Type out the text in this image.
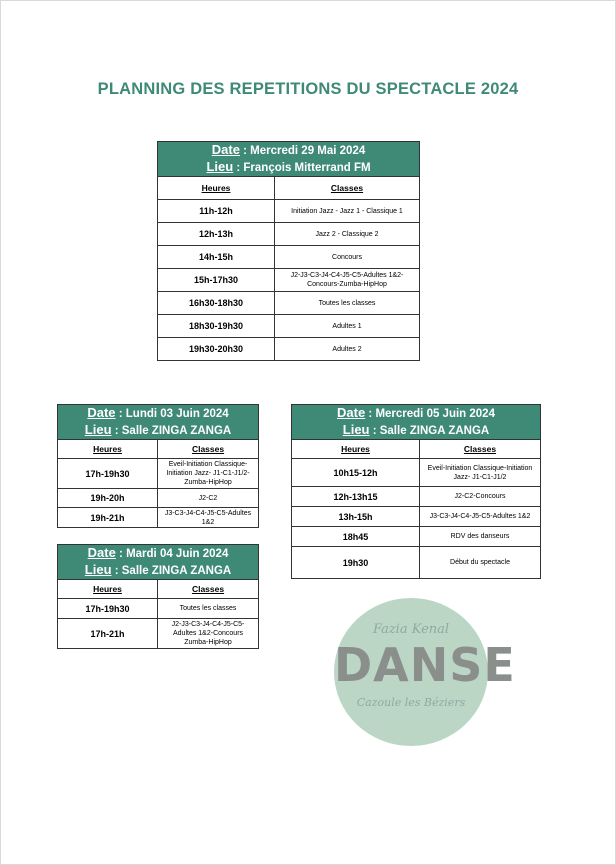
PLANNING DES REPETITIONS DU SPECTACLE 2024
Date : Mercredi 29 Mai 2024
Lieu : François Mitterrand FM	

Heures	Classes
11h-12h	Initiation Jazz - Jazz 1 - Classique 1
12h-13h	Jazz 2 - Classique 2
14h-15h	Concours
15h-17h30	J2-J3-C3-J4-C4-J5-C5-Adultes 1&2-Concours-Zumba-HipHop
16h30-18h30	Toutes les classes
18h30-19h30	Adultes 1
19h30-20h30	Adultes 2
Date : Lundi 03 Juin 2024
Lieu : Salle ZINGA ZANGA	

Heures	Classes
17h-19h30	Eveil-Initiation Classique-Initiation Jazz- J1-C1-J1/2-Zumba-HipHop
19h-20h	J2-C2
19h-21h	J3-C3-J4-C4-J5-C5-Adultes 1&2
Date : Mercredi 05 Juin 2024
Lieu : Salle ZINGA ZANGA	

Heures	Classes
10h15-12h	Eveil-Initiation Classique-Initiation Jazz- J1-C1-J1/2
12h-13h15	J2-C2-Concours
13h-15h	J3-C3-J4-C4-J5-C5-Adultes 1&2
18h45	RDV des danseurs
19h30	Début du spectacle
Date : Mardi 04 Juin 2024
Lieu : Salle ZINGA ZANGA	

Heures	Classes
17h-19h30	Toutes les classes
17h-21h	J2-J3-C3-J4-C4-J5-C5-Adultes 1&2-Concours Zumba-HipHop
Fazia Kenal
DANSE
Cazoule les Béziers
